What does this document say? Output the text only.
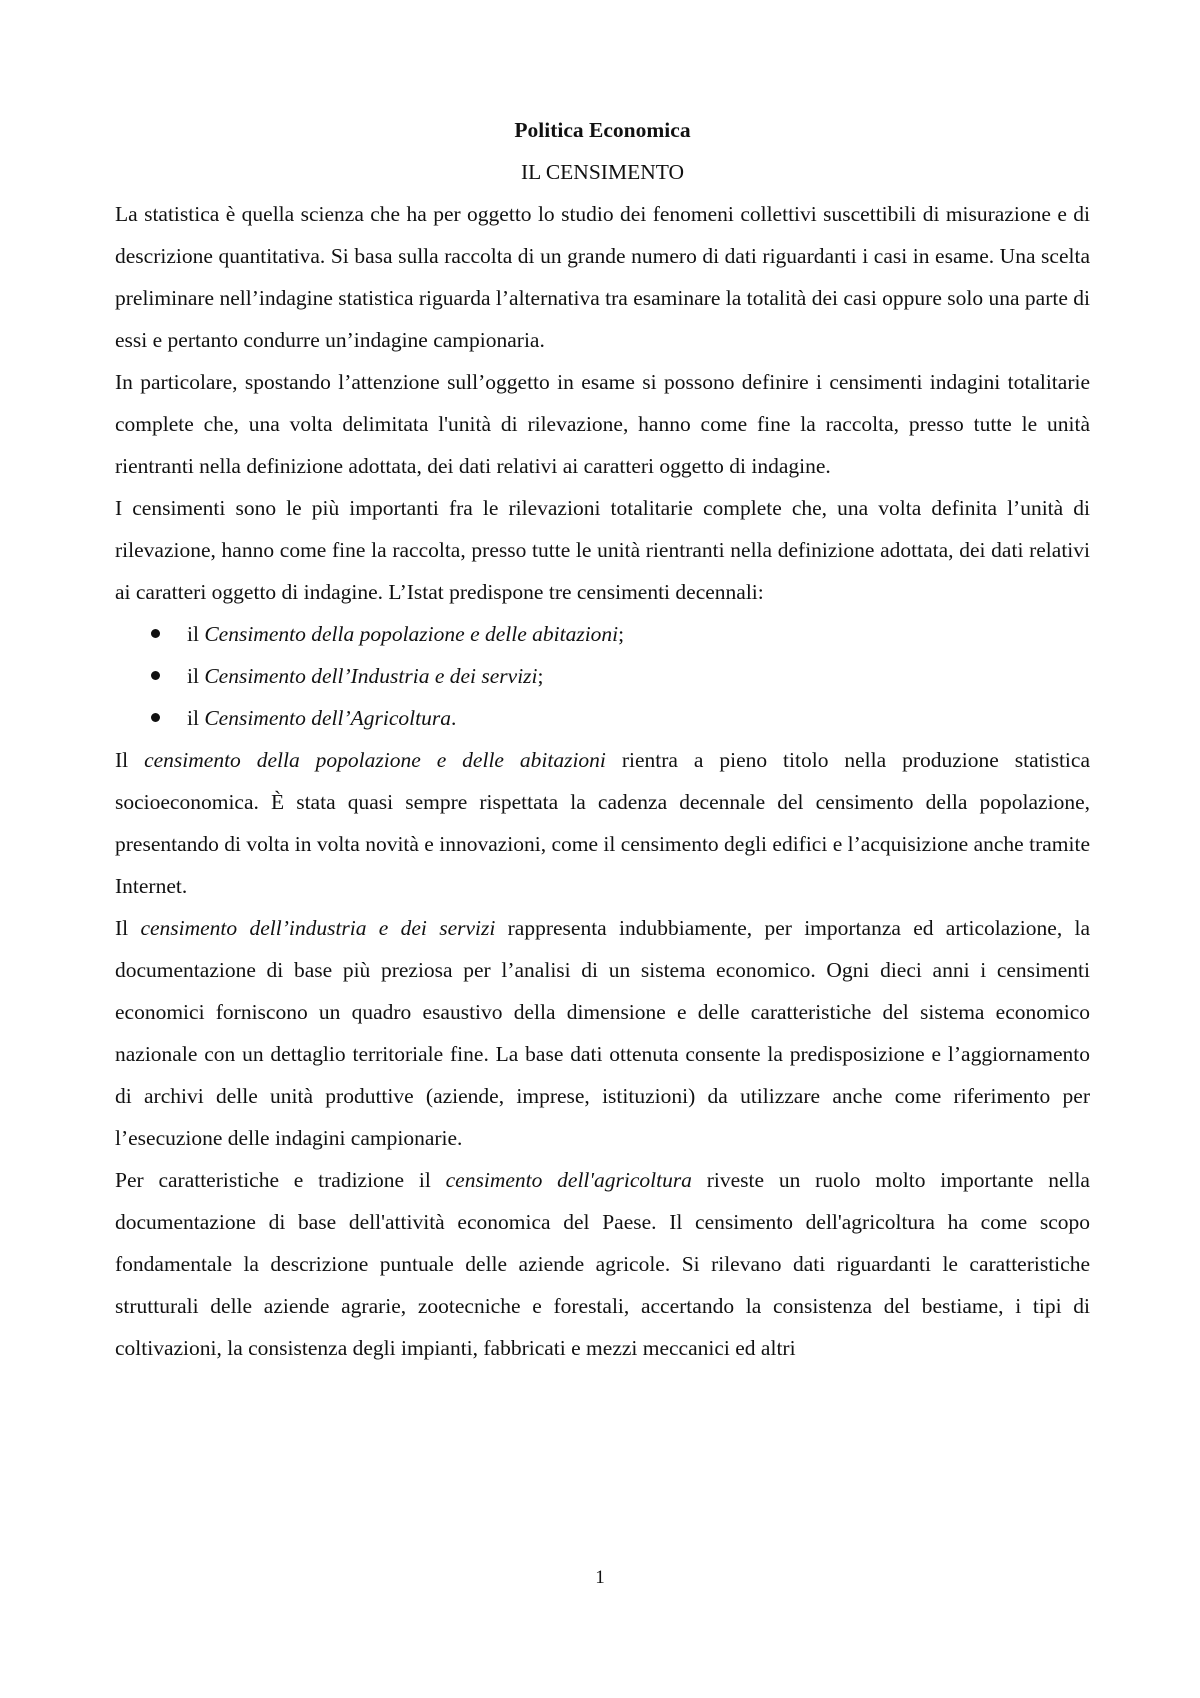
Politica Economica
IL CENSIMENTO

La statistica è quella scienza che ha per oggetto lo studio dei fenomeni collettivi suscettibili di misurazione e di descrizione quantitativa. Si basa sulla raccolta di un grande numero di dati riguardanti i casi in esame. Una scelta preliminare nell’indagine statistica riguarda l’alternativa tra esaminare la totalità dei casi oppure solo una parte di essi e pertanto condurre un’indagine campionaria.

In particolare, spostando l’attenzione sull’oggetto in esame si possono definire i censimenti indagini totalitarie complete che, una volta delimitata l'unità di rilevazione, hanno come fine la raccolta, presso tutte le unità rientranti nella definizione adottata, dei dati relativi ai caratteri oggetto di indagine.

I censimenti sono le più importanti fra le rilevazioni totalitarie complete che, una volta definita l’unità di rilevazione, hanno come fine la raccolta, presso tutte le unità rientranti nella definizione adottata, dei dati relativi ai caratteri oggetto di indagine. L’Istat predispone tre censimenti decennali:

il Censimento della popolazione e delle abitazioni;
il Censimento dell’Industria e dei servizi;
il Censimento dell’Agricoltura.

Il censimento della popolazione e delle abitazioni rientra a pieno titolo nella produzione statistica socioeconomica. È stata quasi sempre rispettata la cadenza decennale del censimento della popolazione, presentando di volta in volta novità e innovazioni, come il censimento degli edifici e l’acquisizione anche tramite Internet.

Il censimento dell’industria e dei servizi rappresenta indubbiamente, per importanza ed articolazione, la documentazione di base più preziosa per l’analisi di un sistema economico. Ogni dieci anni i censimenti economici forniscono un quadro esaustivo della dimensione e delle caratteristiche del sistema economico nazionale con un dettaglio territoriale fine. La base dati ottenuta consente la predisposizione e l’aggiornamento di archivi delle unità produttive (aziende, imprese, istituzioni) da utilizzare anche come riferimento per l’esecuzione delle indagini campionarie.

Per caratteristiche e tradizione il censimento dell'agricoltura riveste un ruolo molto importante nella documentazione di base dell'attività economica del Paese. Il censimento dell'agricoltura ha come scopo fondamentale la descrizione puntuale delle aziende agricole. Si rilevano dati riguardanti le caratteristiche strutturali delle aziende agrarie, zootecniche e forestali, accertando la consistenza del bestiame, i tipi di coltivazioni, la consistenza degli impianti, fabbricati e mezzi meccanici ed altri

1
